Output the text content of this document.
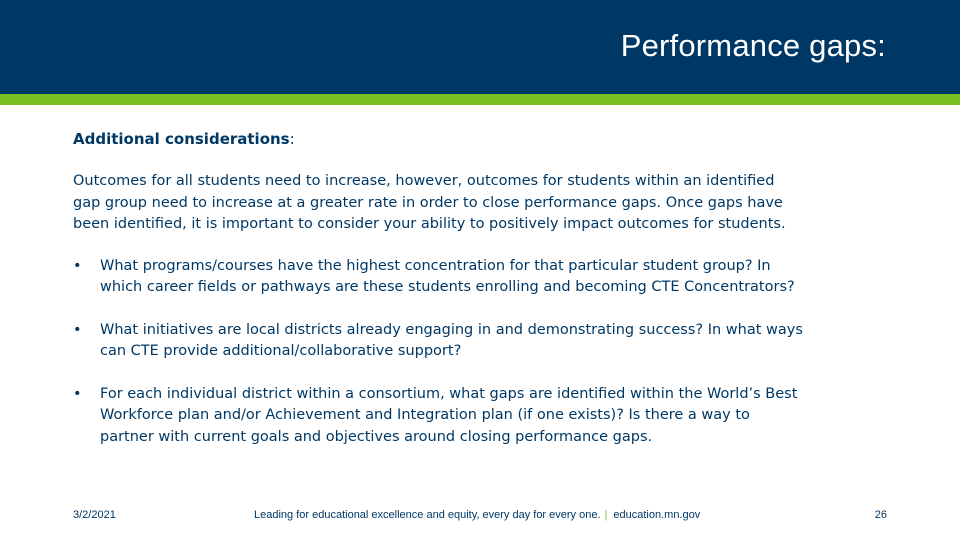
Performance gaps:
Additional considerations:
Outcomes for all students need to increase, however, outcomes for students within an identified
gap group need to increase at a greater rate in order to close performance gaps. Once gaps have
been identified, it is important to consider your ability to positively impact outcomes for students.
• What programs/courses have the highest concentration for that particular student group? In
which career fields or pathways are these students enrolling and becoming CTE Concentrators?
• What initiatives are local districts already engaging in and demonstrating success? In what ways
can CTE provide additional/collaborative support?
• For each individual district within a consortium, what gaps are identified within the World’s Best
Workforce plan and/or Achievement and Integration plan (if one exists)? Is there a way to
partner with current goals and objectives around closing performance gaps.
3/2/2021	Leading for educational excellence and equity, every day for every one. | education.mn.gov	26
